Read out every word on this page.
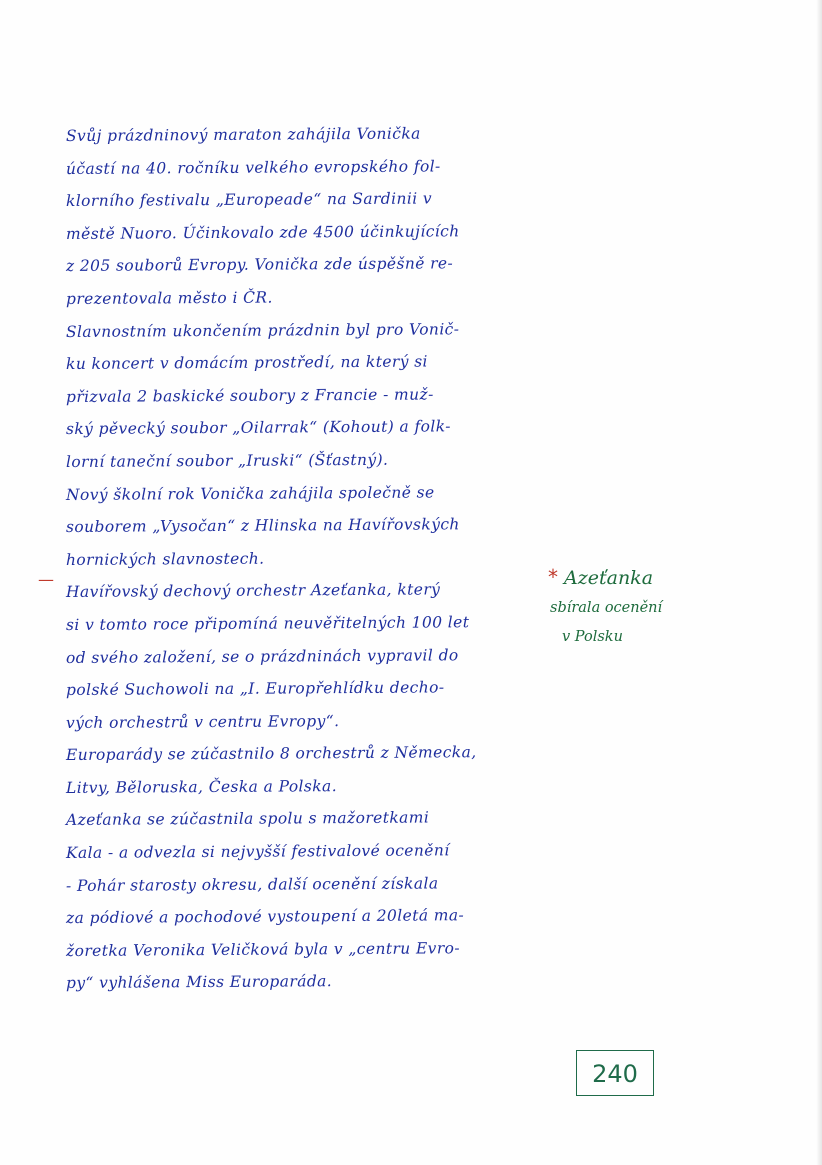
Svůj prázdninový maraton zahájila Vonička
účastí na 40. ročníku velkého evropského fol-
klorního festivalu „Europeade“ na Sardinii v
městě Nuoro. Účinkovalo zde 4500 účinkujících
z 205 souborů Evropy. Vonička zde úspěšně re-
prezentovala město i ČR.
Slavnostním ukončením prázdnin byl pro Vonič-
ku koncert v domácím prostředí, na který si
přizvala 2 baskické soubory z Francie - muž-
ský pěvecký soubor „Oilarrak“ (Kohout) a folk-
lorní taneční soubor „Iruski“ (Šťastný).
Nový školní rok Vonička zahájila společně se
souborem „Vysočan“ z Hlinska na Havířovských
hornických slavnostech.
Havířovský dechový orchestr Azeťanka, který
si v tomto roce připomíná neuvěřitelných 100 let
od svého založení, se o prázdninách vypravil do
polské Suchowoli na „I. Europřehlídku decho-
vých orchestrů v centru Evropy“.
Europarády se zúčastnilo 8 orchestrů z Německa,
Litvy, Běloruska, Česka a Polska.
Azeťanka se zúčastnila spolu s mažoretkami
Kala - a odvezla si nejvyšší festivalové ocenění
- Pohár starosty okresu, další ocenění získala
za pódiové a pochodové vystoupení a 20letá ma-
žoretka Veronika Veličková byla v „centru Evro-
py“ vyhlášena Miss Europaráda.
—	* Azeťanka
sbírala ocenění
v Polsku
240
